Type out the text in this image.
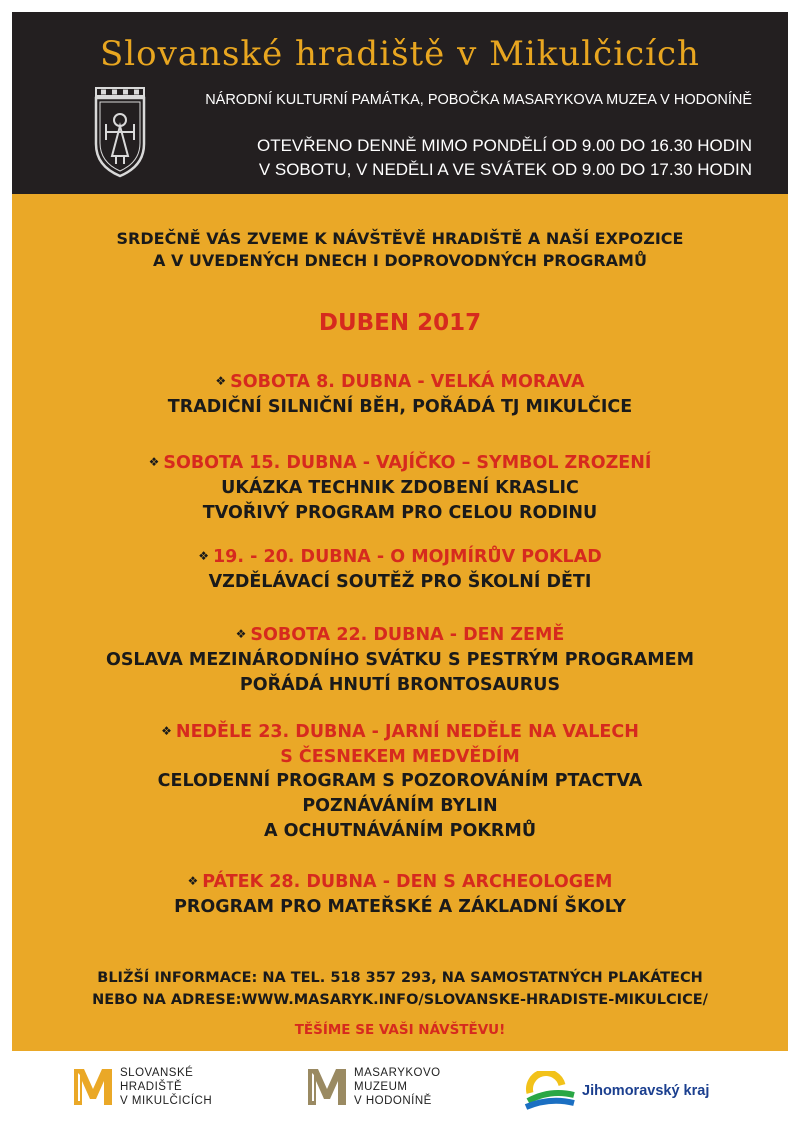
Slovanské hradiště v Mikulčicích
NÁRODNÍ KULTURNÍ PAMÁTKA, POBOČKA MASARYKOVA MUZEA V HODONÍNĚ
OTEVŘENO DENNĚ MIMO PONDĚLÍ OD 9.00 DO 16.30 HODIN
V SOBOTU, V NEDĚLI A VE SVÁTEK OD 9.00 DO 17.30 HODIN
SRDEČNĚ VÁS ZVEME K NÁVŠTĚVĚ HRADIŠTĚ A NAŠÍ EXPOZICE
A V UVEDENÝCH DNECH I DOPROVODNÝCH PROGRAMŮ
DUBEN 2017
❖ SOBOTA 8. DUBNA - VELKÁ MORAVA
TRADIČNÍ SILNIČNÍ BĚH, POŘÁDÁ TJ MIKULČICE
❖ SOBOTA 15. DUBNA - VAJÍČKO – SYMBOL ZROZENÍ
UKÁZKA TECHNIK ZDOBENÍ KRASLIC
TVOŘIVÝ PROGRAM PRO CELOU RODINU
❖ 19. - 20. DUBNA - O MOJMÍRŮV POKLAD
VZDĚLÁVACÍ SOUTĚŽ PRO ŠKOLNÍ DĚTI
❖ SOBOTA 22. DUBNA - DEN ZEMĚ
OSLAVA MEZINÁRODNÍHO SVÁTKU S PESTRÝM PROGRAMEM
POŘÁDÁ HNUTÍ BRONTOSAURUS
❖ NEDĚLE 23. DUBNA - JARNÍ NEDĚLE NA VALECH
S ČESNEKEM MEDVĚDÍM
CELODENNÍ PROGRAM S POZOROVÁNÍM PTACTVA
POZNÁVÁNÍM BYLIN
A OCHUTNÁVÁNÍM POKRMŮ
❖ PÁTEK 28. DUBNA - DEN S ARCHEOLOGEM
PROGRAM PRO MATEŘSKÉ A ZÁKLADNÍ ŠKOLY
BLIŽŠÍ INFORMACE: NA TEL. 518 357 293, NA SAMOSTATNÝCH PLAKÁTECH
NEBO NA ADRESE:WWW.MASARYK.INFO/SLOVANSKE-HRADISTE-MIKULCICE/
TĚŠÍME SE VAŠI NÁVŠTĚVU!
SLOVANSKÉ
HRADIŠTĚ
V MIKULČICÍCH
MASARYKOVO
MUZEUM
V HODONÍNĚ
Jihomoravský kraj
